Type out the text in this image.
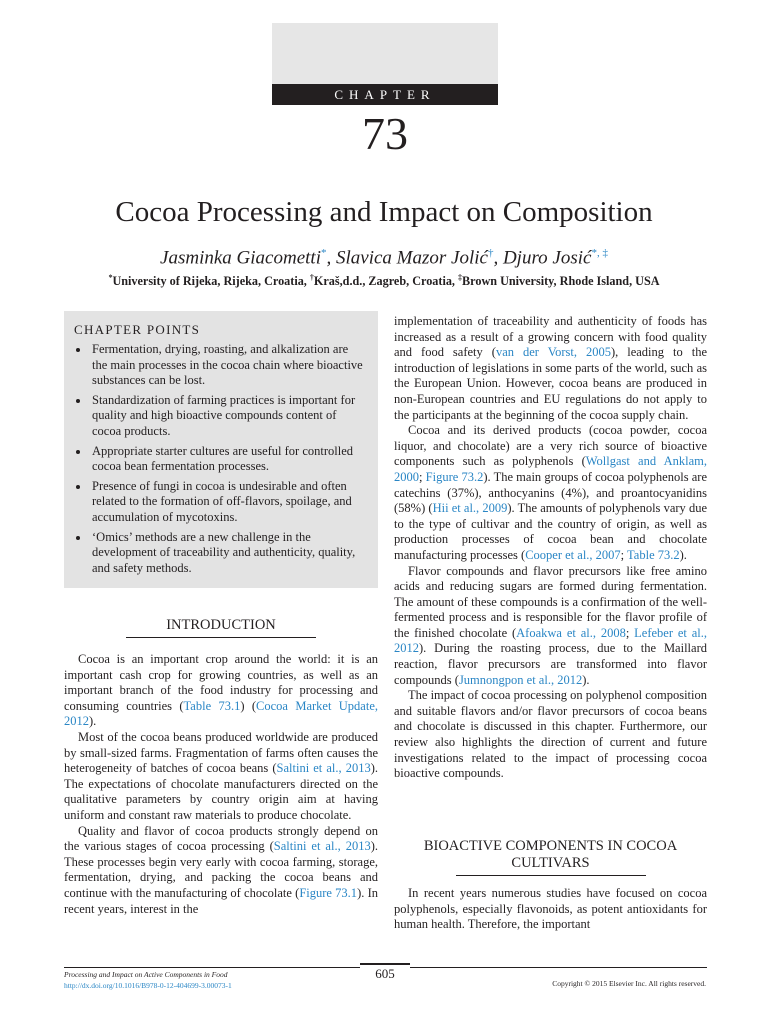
CHAPTER
73
Cocoa Processing and Impact on Composition
Jasminka Giacometti*, Slavica Mazor Jolić†, Djuro Josić*, ‡
*University of Rijeka, Rijeka, Croatia, †Kraš,d.d., Zagreb, Croatia, ‡Brown University, Rhode Island, USA
CHAPTER POINTS
• Fermentation, drying, roasting, and alkalization are the main processes in the cocoa chain where bioactive substances can be lost.
• Standardization of farming practices is important for quality and high bioactive compounds content of cocoa products.
• Appropriate starter cultures are useful for controlled cocoa bean fermentation processes.
• Presence of fungi in cocoa is undesirable and often related to the formation of off-flavors, spoilage, and accumulation of mycotoxins.
• ‘Omics’ methods are a new challenge in the development of traceability and authenticity, quality, and safety methods.
INTRODUCTION

Cocoa is an important crop around the world: it is an important cash crop for growing countries, as well as an important branch of the food industry for processing and consuming countries (Table 73.1) (Cocoa Market Update, 2012).

Most of the cocoa beans produced worldwide are produced by small-sized farms. Fragmentation of farms often causes the heterogeneity of batches of cocoa beans (Saltini et al., 2013). The expectations of chocolate manufacturers directed on the qualitative parameters by country origin aim at having uniform and constant raw materials to produce chocolate.

Quality and flavor of cocoa products strongly depend on the various stages of cocoa processing (Saltini et al., 2013). These processes begin very early with cocoa farming, storage, fermentation, drying, and packing the cocoa beans and continue with the manufacturing of chocolate (Figure 73.1). In recent years, interest in the

implementation of traceability and authenticity of foods has increased as a result of a growing concern with food quality and food safety (van der Vorst, 2005), leading to the introduction of legislations in some parts of the world, such as the European Union. However, cocoa beans are produced in non-European countries and EU regulations do not apply to the participants at the beginning of the cocoa supply chain.

Cocoa and its derived products (cocoa powder, cocoa liquor, and chocolate) are a very rich source of bioactive components such as polyphenols (Wollgast and Anklam, 2000; Figure 73.2). The main groups of cocoa polyphenols are catechins (37%), anthocyanins (4%), and proantocyanidins (58%) (Hii et al., 2009). The amounts of polyphenols vary due to the type of cultivar and the country of origin, as well as production processes of cocoa bean and chocolate manufacturing processes (Cooper et al., 2007; Table 73.2).

Flavor compounds and flavor precursors like free amino acids and reducing sugars are formed during fermentation. The amount of these compounds is a confirmation of the well-fermented process and is responsible for the flavor profile of the finished chocolate (Afoakwa et al., 2008; Lefeber et al., 2012). During the roasting process, due to the Maillard reaction, flavor precursors are transformed into flavor compounds (Jumnongpon et al., 2012).

The impact of cocoa processing on polyphenol composition and suitable flavors and/or flavor precursors of cocoa beans and chocolate is discussed in this chapter. Furthermore, our review also highlights the direction of current and future investigations related to the impact of processing cocoa bioactive compounds.

BIOACTIVE COMPONENTS IN COCOA CULTIVARS

In recent years numerous studies have focused on cocoa polyphenols, especially flavonoids, as potent antioxidants for human health. Therefore, the important

605
Processing and Impact on Active Components in Food
http://dx.doi.org/10.1016/B978-0-12-404699-3.00073-1	Copyright © 2015 Elsevier Inc. All rights reserved.
